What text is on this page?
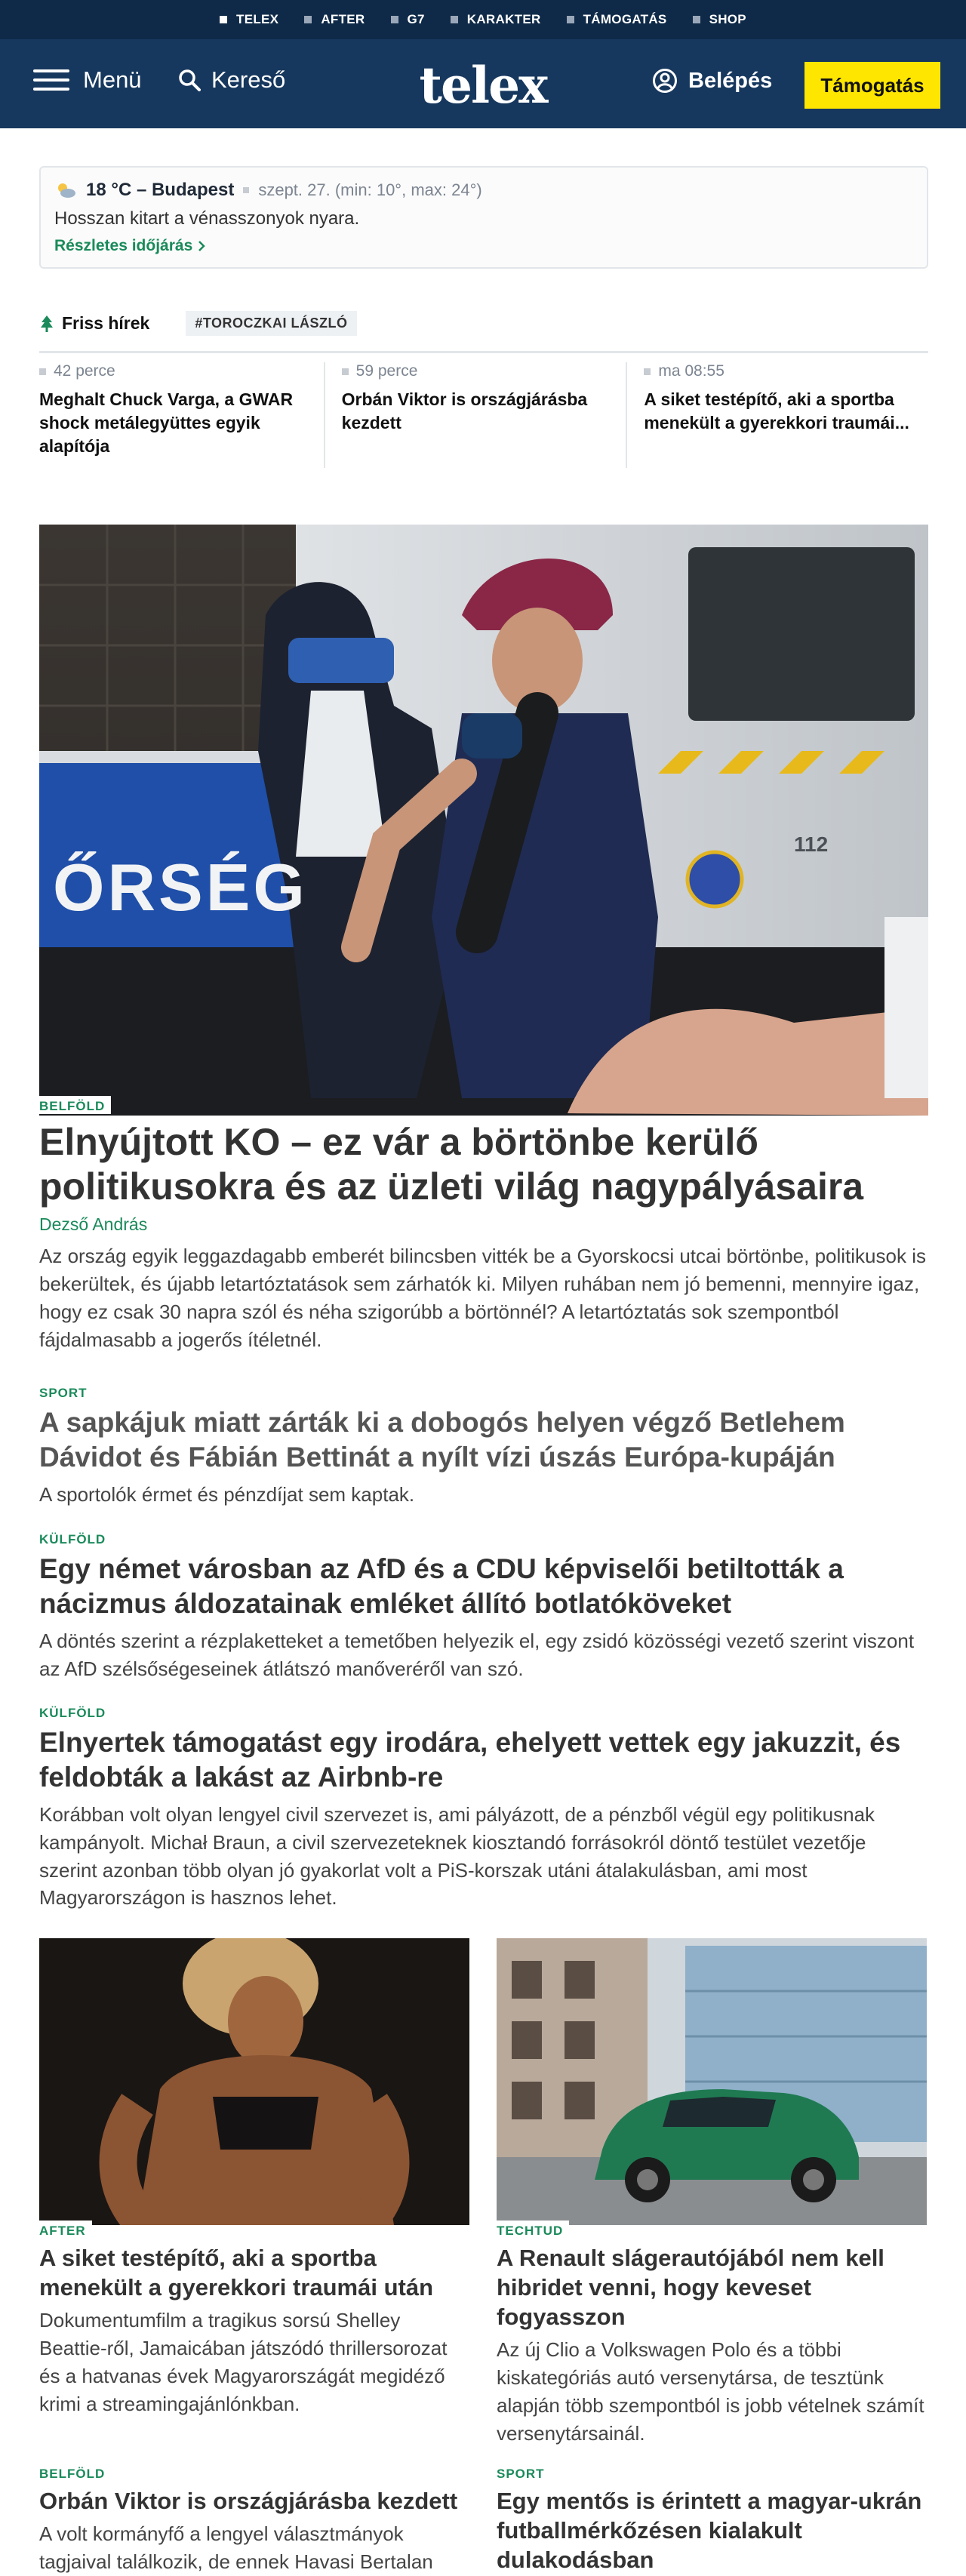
TELEX	AFTER	G7	KARAKTER	TÁMOGATÁS	SHOP
Menü	Kereső	telex	Belépés	Támogatás
18 °C – Budapest szept. 27. (min: 10°, max: 24°)
Hosszan kitart a vénasszonyok nyara.
Részletes időjárás
Friss hírek	#TOROCZKAI LÁSZLÓ
42 perce
Meghalt Chuck Varga, a GWAR shock metálegyüttes egyik alapítója
59 perce
Orbán Viktor is országjárásba kezdett
ma 08:55
A siket testépítő, aki a sportba menekült a gyerekkori traumái...
ŐRSÉG
112
BELFÖLD
Elnyújtott KO – ez vár a börtönbe kerülő politikusokra és az üzleti világ nagypályásaira
Dezső András

Az ország egyik leggazdagabb emberét bilincsben vitték be a Gyorskocsi utcai börtönbe, politikusok is bekerültek, és újabb letartóztatások sem zárhatók ki. Milyen ruhában nem jó bemenni, mennyire igaz, hogy ez csak 30 napra szól és néha szigorúbb a börtönnél? A letartóztatás sok szempontból fájdalmasabb a jogerős ítéletnél.

SPORT
A sapkájuk miatt zárták ki a dobogós helyen végző Betlehem Dávidot és Fábián Bettinát a nyílt vízi úszás Európa-kupáján

A sportolók érmet és pénzdíjat sem kaptak.

KÜLFÖLD
Egy német városban az AfD és a CDU képviselői betiltották a nácizmus áldozatainak emléket állító botlatóköveket

A döntés szerint a rézplaketteket a temetőben helyezik el, egy zsidó közösségi vezető szerint viszont az AfD szélsőségeseinek átlátszó manőveréről van szó.

KÜLFÖLD
Elnyertek támogatást egy irodára, ehelyett vettek egy jakuzzit, és feldobták a lakást az Airbnb-re

Korábban volt olyan lengyel civil szervezet is, ami pályázott, de a pénzből végül egy politikusnak kampányolt. Michał Braun, a civil szervezeteknek kiosztandó forrásokról döntő testület vezetője szerint azonban több olyan jó gyakorlat volt a PiS-korszak utáni átalakulásban, ami most Magyarországon is hasznos lehet.

AFTER
A siket testépítő, aki a sportba menekült a gyerekkori traumái után

Dokumentumfilm a tragikus sorsú Shelley Beattie-ről, Jamaicában játszódó thrillersorozat és a hatvanas évek Magyarországát megidéző krimi a streamingajánlónkban.

TECHTUD
A Renault slágerautójából nem kell hibridet venni, hogy keveset fogyasszon

Az új Clio a Volkswagen Polo és a többi kiskategóriás autó versenytársa, de tesztünk alapján több szempontból is jobb vételnek számít versenytársainál.

BELFÖLD
Orbán Viktor is országjárásba kezdett

A volt kormányfő a lengyel választmányok tagjaival találkozik, de ennek Havasi Bertalan

SPORT
Egy mentős is érintett a magyar-ukrán futballmérkőzésen kialakult dulakodásban
